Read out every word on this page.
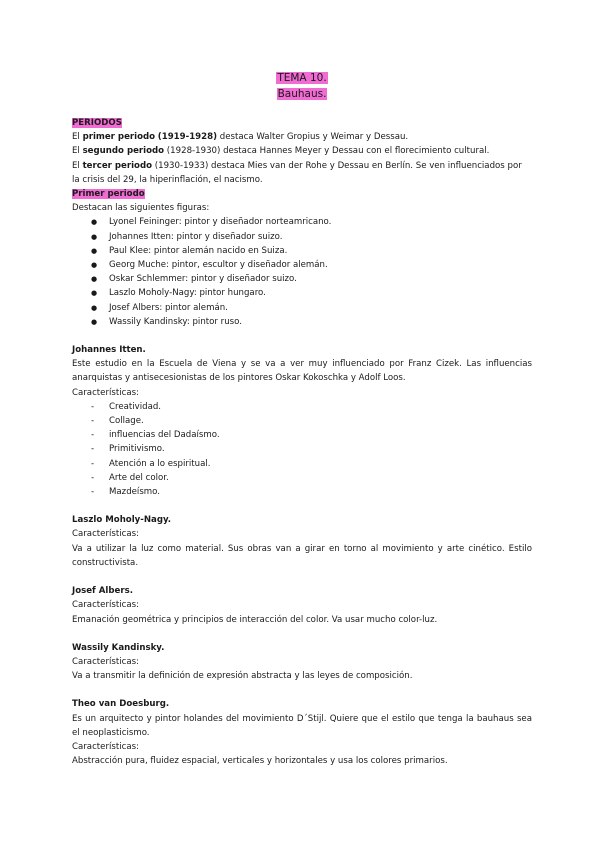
TEMA 10.
Bauhaus.

PERIODOS

El primer periodo (1919-1928) destaca Walter Gropius y Weimar y Dessau.

El segundo periodo (1928-1930) destaca Hannes Meyer y Dessau con el florecimiento cultural.

El tercer periodo (1930-1933) destaca Mies van der Rohe y Dessau en Berlín. Se ven influenciados por la crisis del 29, la hiperinflación, el nacismo.

Primer periodo

Destacan las siguientes figuras:

● Lyonel Feininger: pintor y diseñador norteamricano.
● Johannes Itten: pintor y diseñador suizo.
● Paul Klee: pintor alemán nacido en Suiza.
● Georg Muche: pintor, escultor y diseñador alemán.
● Oskar Schlemmer: pintor y diseñador suizo.
● Laszlo Moholy-Nagy: pintor hungaro.
● Josef Albers: pintor alemán.
● Wassily Kandinsky: pintor ruso.

Johannes Itten.

Este estudio en la Escuela de Viena y se va a ver muy influenciado por Franz Cizek. Las influencias anarquistas y antisecesionistas de los pintores Oskar Kokoschka y Adolf Loos.

Características:

- Creatividad.
- Collage.
- influencias del Dadaísmo.
- Primitivismo.
- Atención a lo espiritual.
- Arte del color.
- Mazdeísmo.

Laszlo Moholy-Nagy.

Características:

Va a utilizar la luz como material. Sus obras van a girar en torno al movimiento y arte cinético. Estilo constructivista.

Josef Albers.

Características:

Emanación geométrica y principios de interacción del color. Va usar mucho color-luz.

Wassily Kandinsky.

Características:

Va a transmitir la definición de expresión abstracta y las leyes de composición.

Theo van Doesburg.

Es un arquitecto y pintor holandes del movimiento D´Stijl. Quiere que el estilo que tenga la bauhaus sea el neoplasticismo.

Características:

Abstracción pura, fluidez espacial, verticales y horizontales y usa los colores primarios.
